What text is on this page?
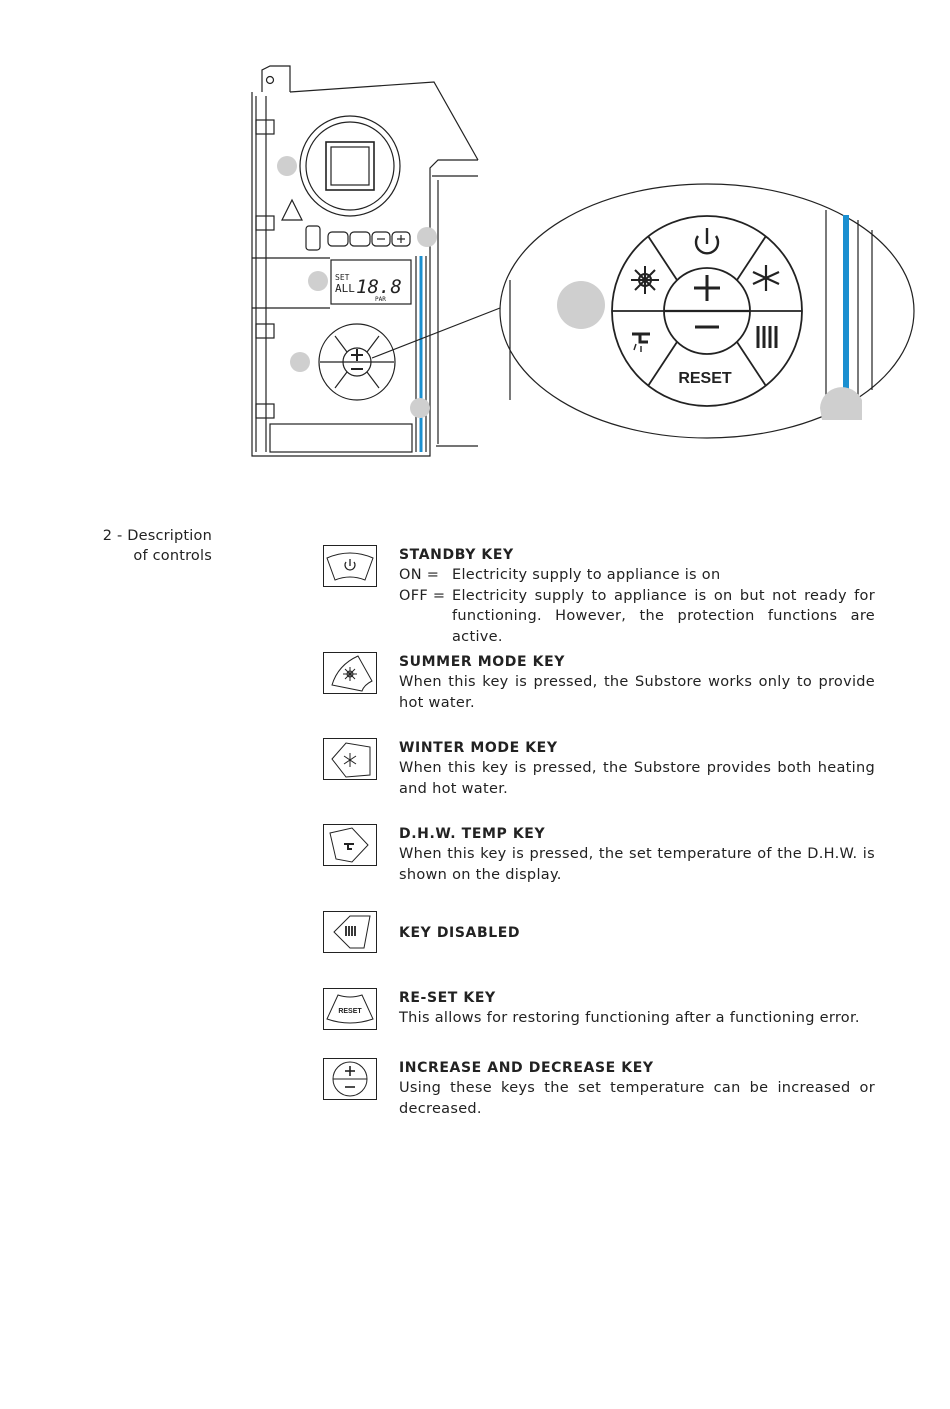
SET
ALL 18.8
PAR
RESET
2 - Description
of controls	STANDBY KEY
ON = Electricity supply to appliance is on
OFF = Electricity supply to appliance is on but not ready for functioning. However, the protection functions are active.
SUMMER MODE KEY
When this key is pressed, the Substore works only to provide hot water.
WINTER MODE KEY
When this key is pressed, the Substore provides both heating and hot water.
D.H.W. TEMP KEY
When this key is pressed, the set temperature of the D.H.W. is shown on the display.
KEY DISABLED
RESET
RE-SET KEY
This allows for restoring functioning after a functioning error.
INCREASE AND DECREASE KEY
Using these keys the set temperature can be increased or decreased.
